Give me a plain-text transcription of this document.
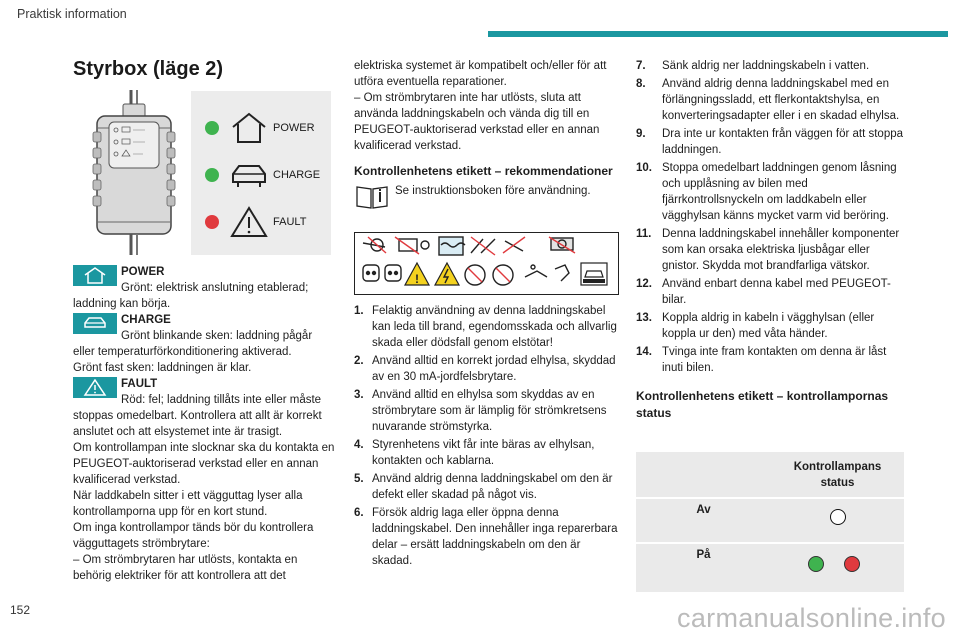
Praktisk information
Styrbox (läge 2)
POWER
CHARGE
FAULT
POWER
Grönt: elektrisk anslutning etablerad; laddning kan börja.
CHARGE
Grönt blinkande sken: laddning pågår eller temperaturförkonditionering aktiverad.
Grönt fast sken: laddningen är klar.
FAULT
Röd: fel; laddning tillåts inte eller måste stoppas omedelbart. Kontrollera att allt är korrekt anslutet och att elsystemet inte är trasigt.
Om kontrollampan inte slocknar ska du kontakta en PEUGEOT-auktoriserad verkstad eller en annan kvalificerad verkstad.
När laddkabeln sitter i ett vägguttag lyser alla kontrollamporna upp för en kort stund.
Om inga kontrollampor tänds bör du kontrollera vägguttagets strömbrytare:
– Om strömbrytaren har utlösts, kontakta en behörig elektriker för att kontrollera att det
elektriska systemet är kompatibelt och/eller för att utföra eventuella reparationer.
– Om strömbrytaren inte har utlösts, sluta att använda laddningskabeln och vända dig till en PEUGEOT-auktoriserad verkstad eller en annan kvalificerad verkstad.
Kontrollenhetens etikett – rekommendationer
Se instruktionsboken före användning.
!
1. Felaktig användning av denna laddningskabel kan leda till brand, egendomsskada och allvarlig skada eller dödsfall genom elstötar!
2. Använd alltid en korrekt jordad elhylsa, skyddad av en 30 mA-jordfelsbrytare.
3. Använd alltid en elhylsa som skyddas av en strömbrytare som är lämplig för strömkretsens nuvarande strömstyrka.
4. Styrenhetens vikt får inte bäras av elhylsan, kontakten och kablarna.
5. Använd aldrig denna laddningskabel om den är defekt eller skadad på något vis.
6. Försök aldrig laga eller öppna denna laddningskabel. Den innehåller inga reparerbara delar – ersätt laddningskabeln om den är skadad.
7.	Sänk aldrig ner laddningskabeln i vatten.
8.	Använd aldrig denna laddningskabel med en förlängningssladd, ett flerkontaktshylsa, en konverteringsadapter eller i en skadad elhylsa.
9.	Dra inte ur kontakten från väggen för att stoppa laddningen.
10. Stoppa omedelbart laddningen genom låsning och upplåsning av bilen med fjärrkontrollsnyckeln om laddkabeln eller vägghylsan känns mycket varm vid beröring.
11. Denna laddningskabel innehåller komponenter som kan orsaka elektriska ljusbågar eller gnistor. Skydda mot brandfarliga vätskor.
12. Använd enbart denna kabel med PEUGEOT-bilar.
13. Koppla aldrig in kabeln i vägghylsan (eller koppla ur den) med våta händer.
14. Tvinga inte fram kontakten om denna är låst inuti bilen.
Kontrollenhetens etikett – kontrollampornas status
Kontrollampans status
Av
På
152	carmanualsonline.info
